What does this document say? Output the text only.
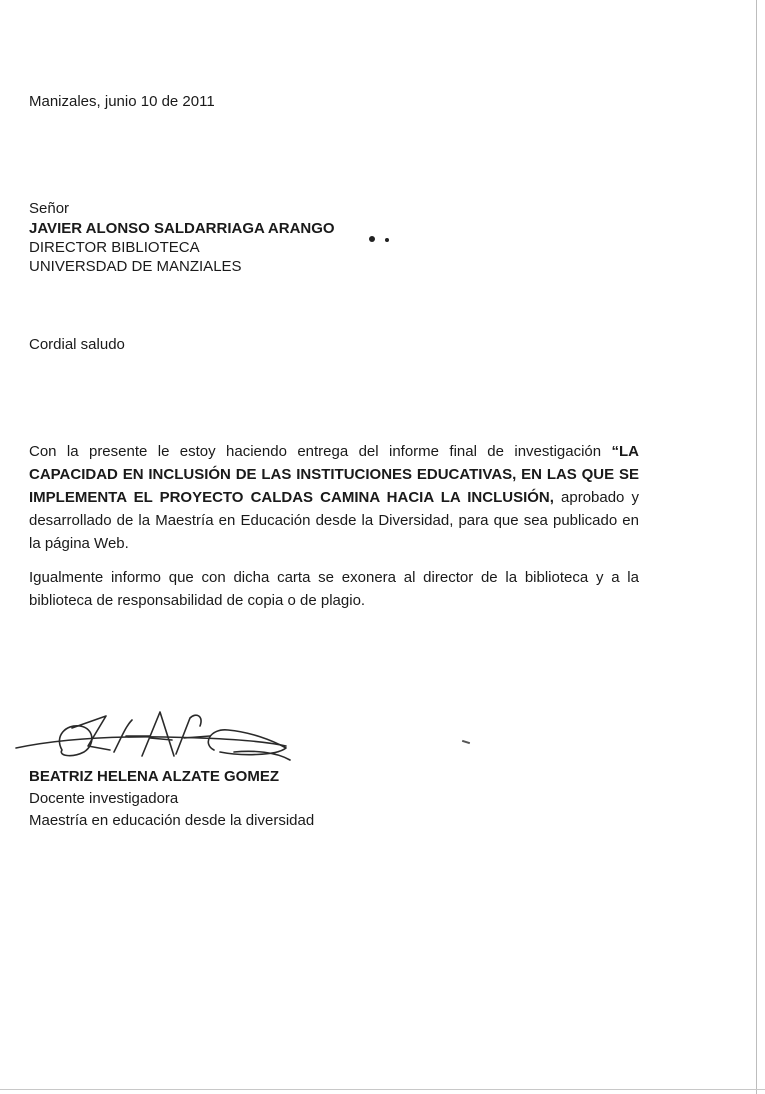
Manizales, junio 10 de 2011
Señor
JAVIER ALONSO SALDARRIAGA ARANGO
DIRECTOR BIBLIOTECA
UNIVERSDAD DE MANZIALES
Cordial saludo
Con la presente le estoy haciendo entrega del informe final de investigación “LA CAPACIDAD EN INCLUSIÓN DE LAS INSTITUCIONES EDUCATIVAS, EN LAS QUE SE IMPLEMENTA EL PROYECTO CALDAS CAMINA HACIA LA INCLUSIÓN, aprobado y desarrollado de la Maestría en Educación desde la Diversidad, para que sea publicado en la página Web.
Igualmente informo que con dicha carta se exonera al director de la biblioteca y a la biblioteca de responsabilidad de copia o de plagio.
BEATRIZ HELENA ALZATE GOMEZ
Docente investigadora
Maestría en educación desde la diversidad
